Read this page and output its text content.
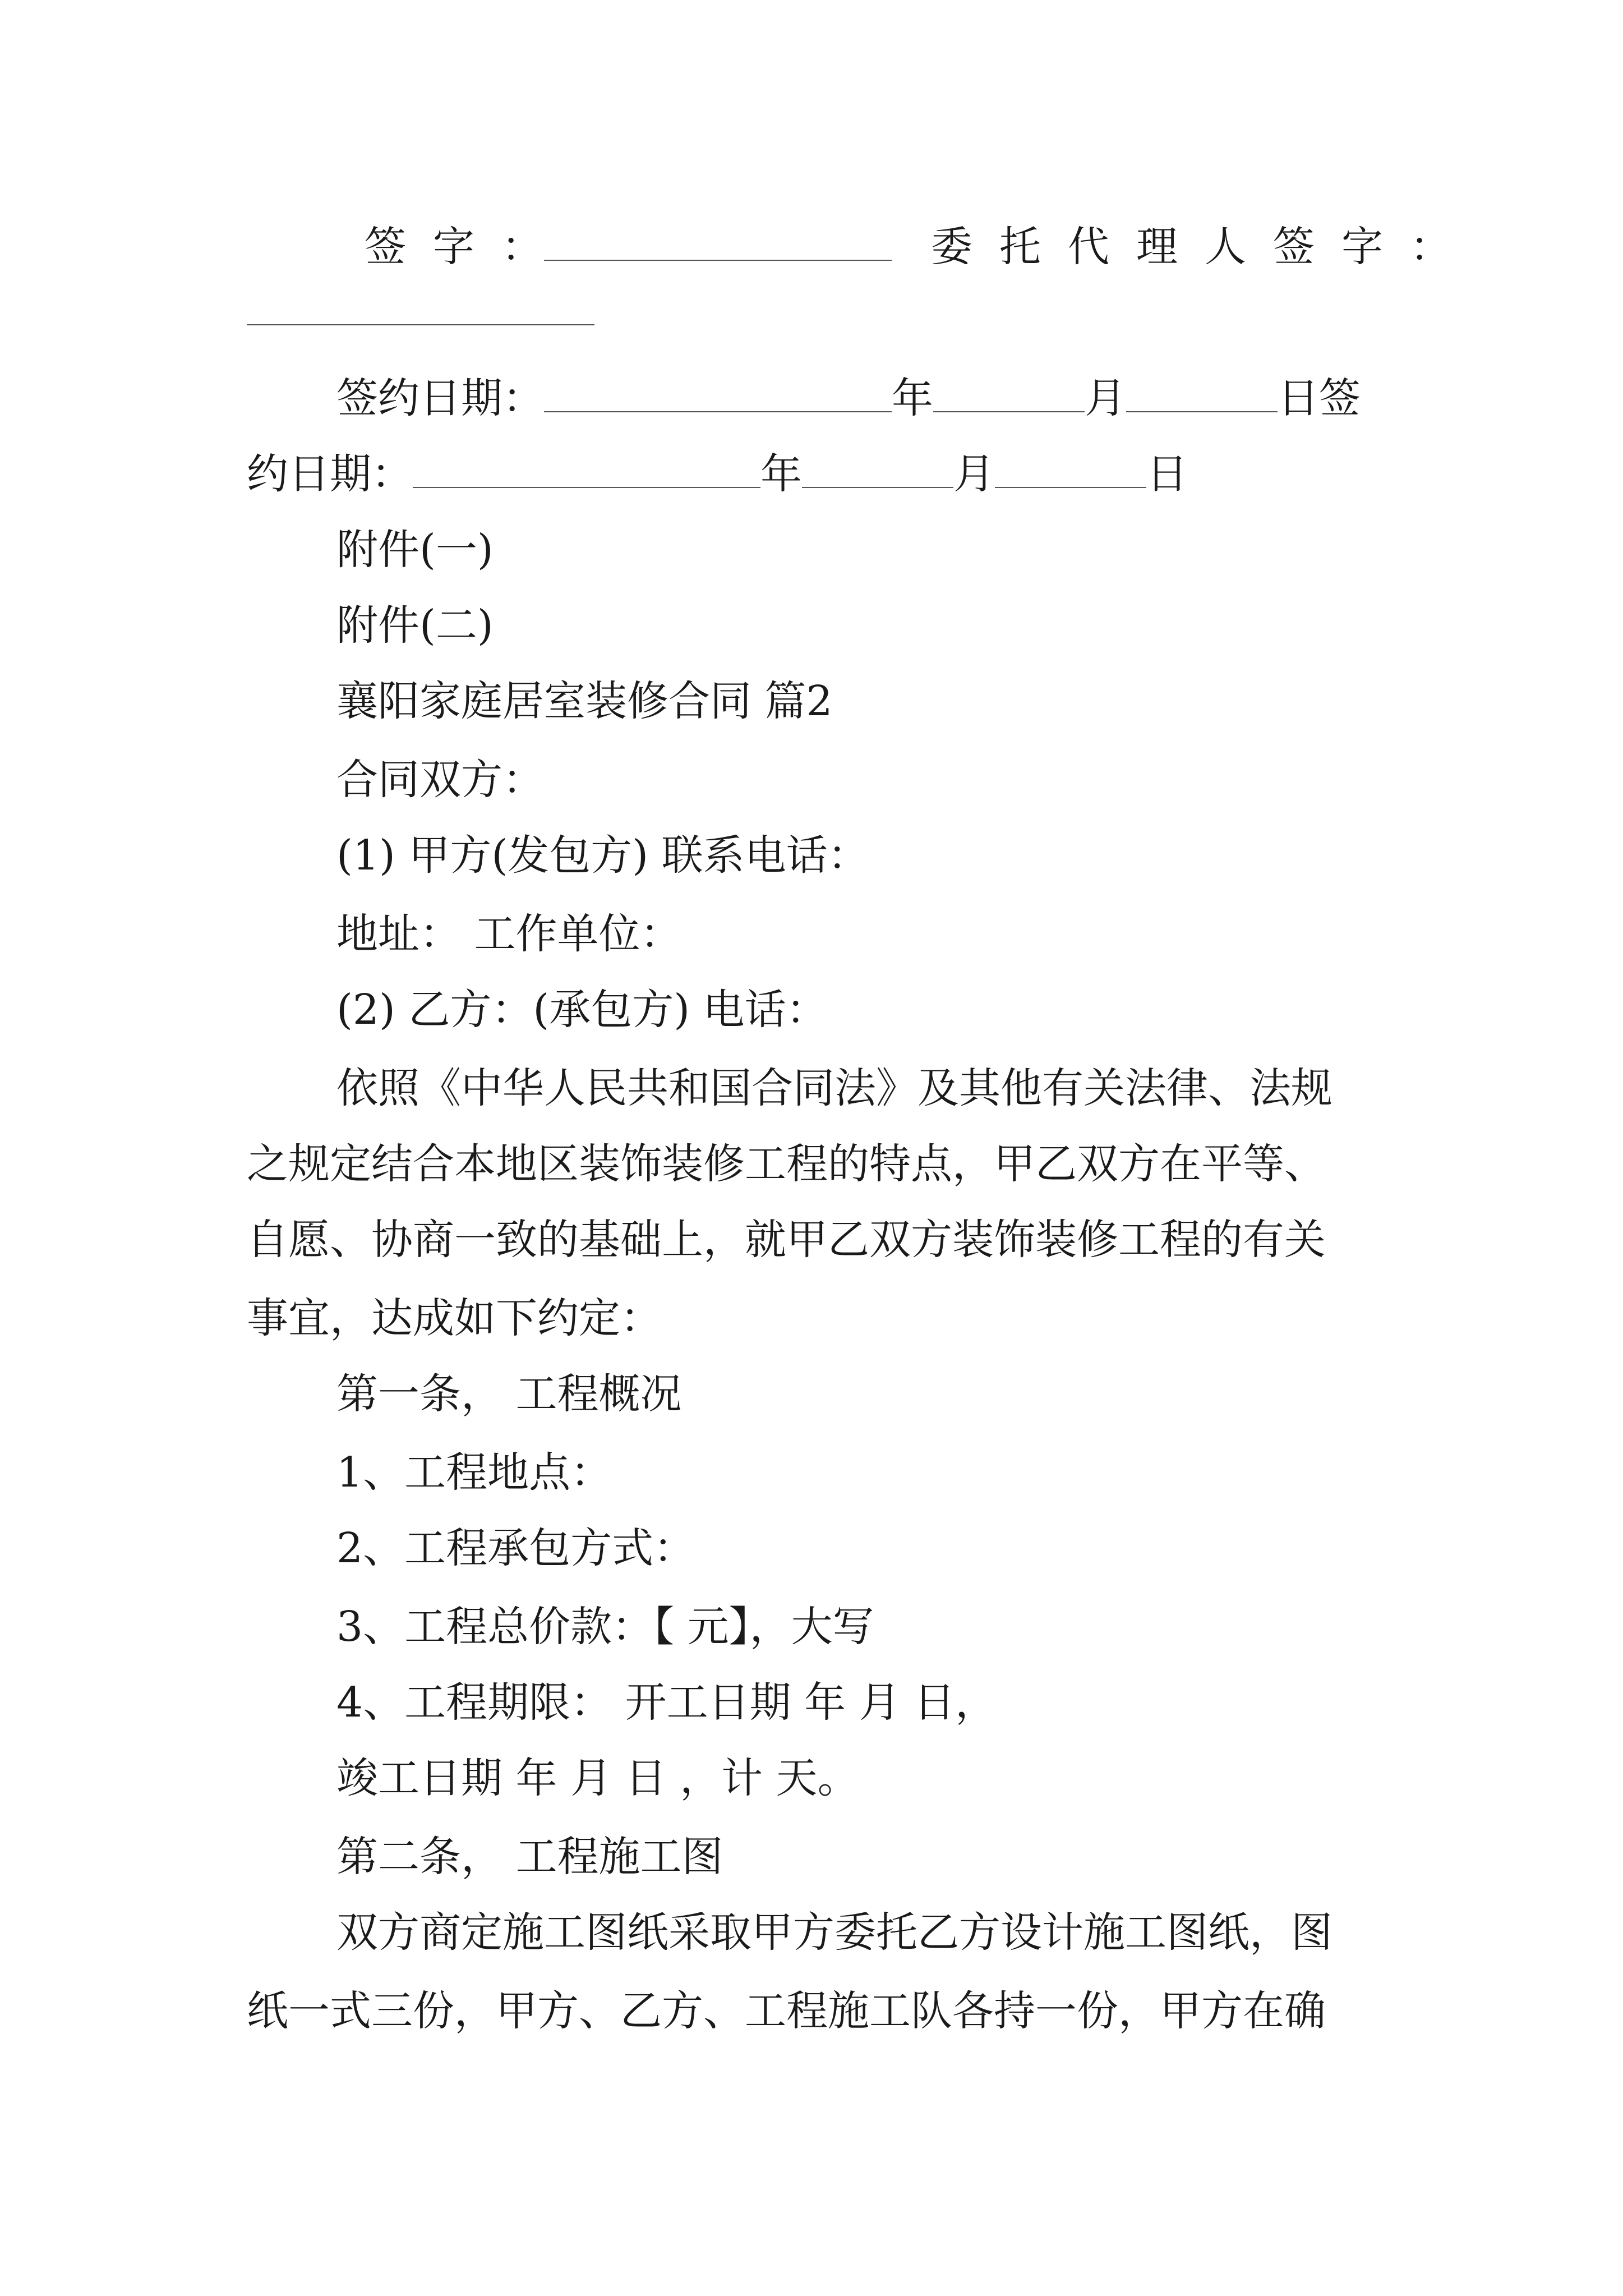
签字：	委托代理人签字：
签约日期：	年	月	日签
约日期：	年	月	日
附件(一)
附件(二)
襄阳家庭居室装修合同 篇2
合同双方：
(1) 甲方(发包方) 联系电话：
地址： 工作单位：
(2) 乙方：(承包方) 电话：
依照《中华人民共和国合同法》及其他有关法律、法规
之规定结合本地区装饰装修工程的特点，甲乙双方在平等、
自愿、协商一致的基础上，就甲乙双方装饰装修工程的有关
事宜，达成如下约定：
第一条， 工程概况
1、工程地点：
2、工程承包方式：
3、工程总价款：【 元】，大写
4、工程期限： 开工日期 年 月 日，
竣工日期 年 月 日 ，计 天。
第二条， 工程施工图
双方商定施工图纸采取甲方委托乙方设计施工图纸，图
纸一式三份，甲方、乙方、工程施工队各持一份，甲方在确
